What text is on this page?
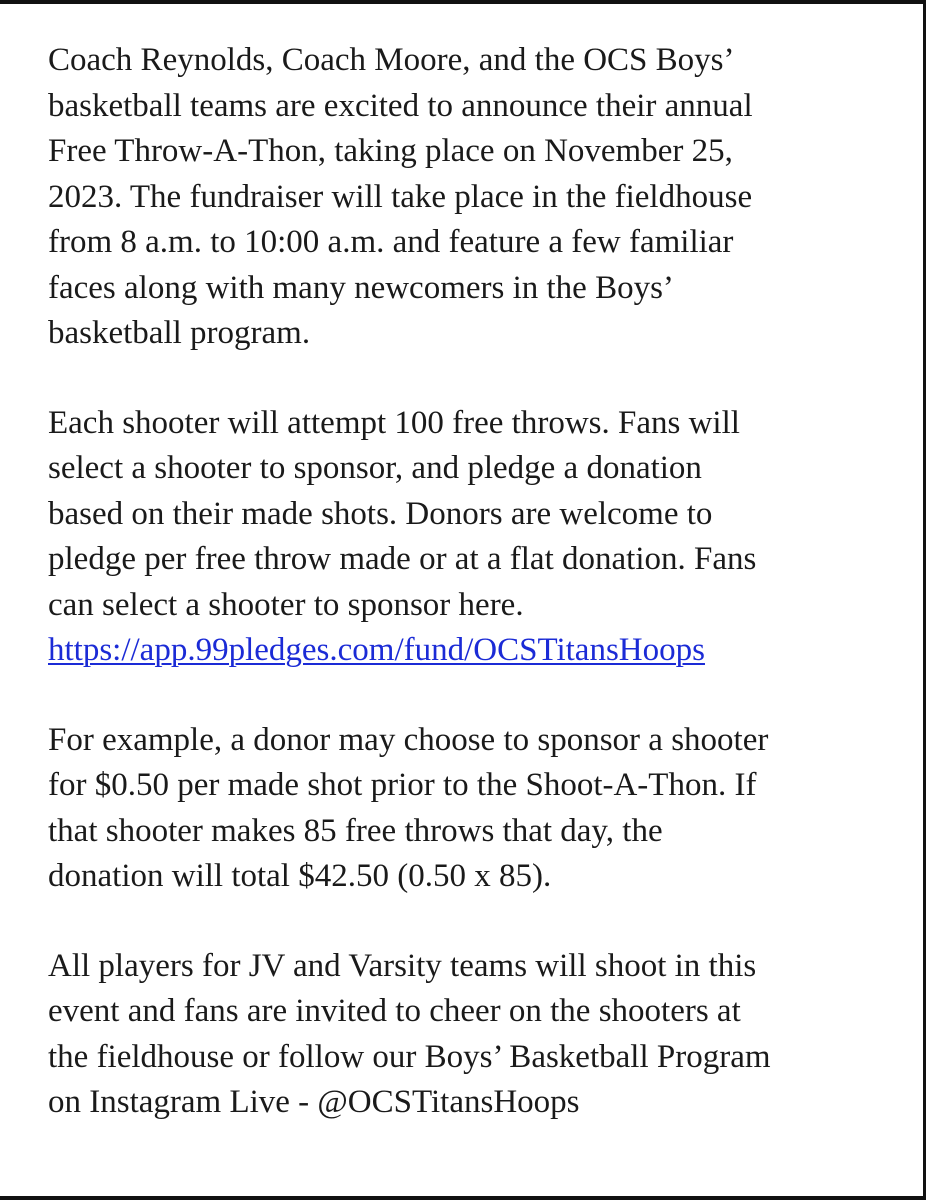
Coach Reynolds, Coach Moore, and the OCS Boys’
basketball teams are excited to announce their annual
Free Throw-A-Thon, taking place on November 25,
2023. The fundraiser will take place in the fieldhouse
from 8 a.m. to 10:00 a.m. and feature a few familiar
faces along with many newcomers in the Boys’
basketball program.

Each shooter will attempt 100 free throws. Fans will
select a shooter to sponsor, and pledge a donation
based on their made shots. Donors are welcome to
pledge per free throw made or at a flat donation. Fans
can select a shooter to sponsor here.
https://app.99pledges.com/fund/OCSTitansHoops

For example, a donor may choose to sponsor a shooter
for $0.50 per made shot prior to the Shoot-A-Thon. If
that shooter makes 85 free throws that day, the
donation will total $42.50 (0.50 x 85).

All players for JV and Varsity teams will shoot in this
event and fans are invited to cheer on the shooters at
the fieldhouse or follow our Boys’ Basketball Program
on Instagram Live - @OCSTitansHoops
